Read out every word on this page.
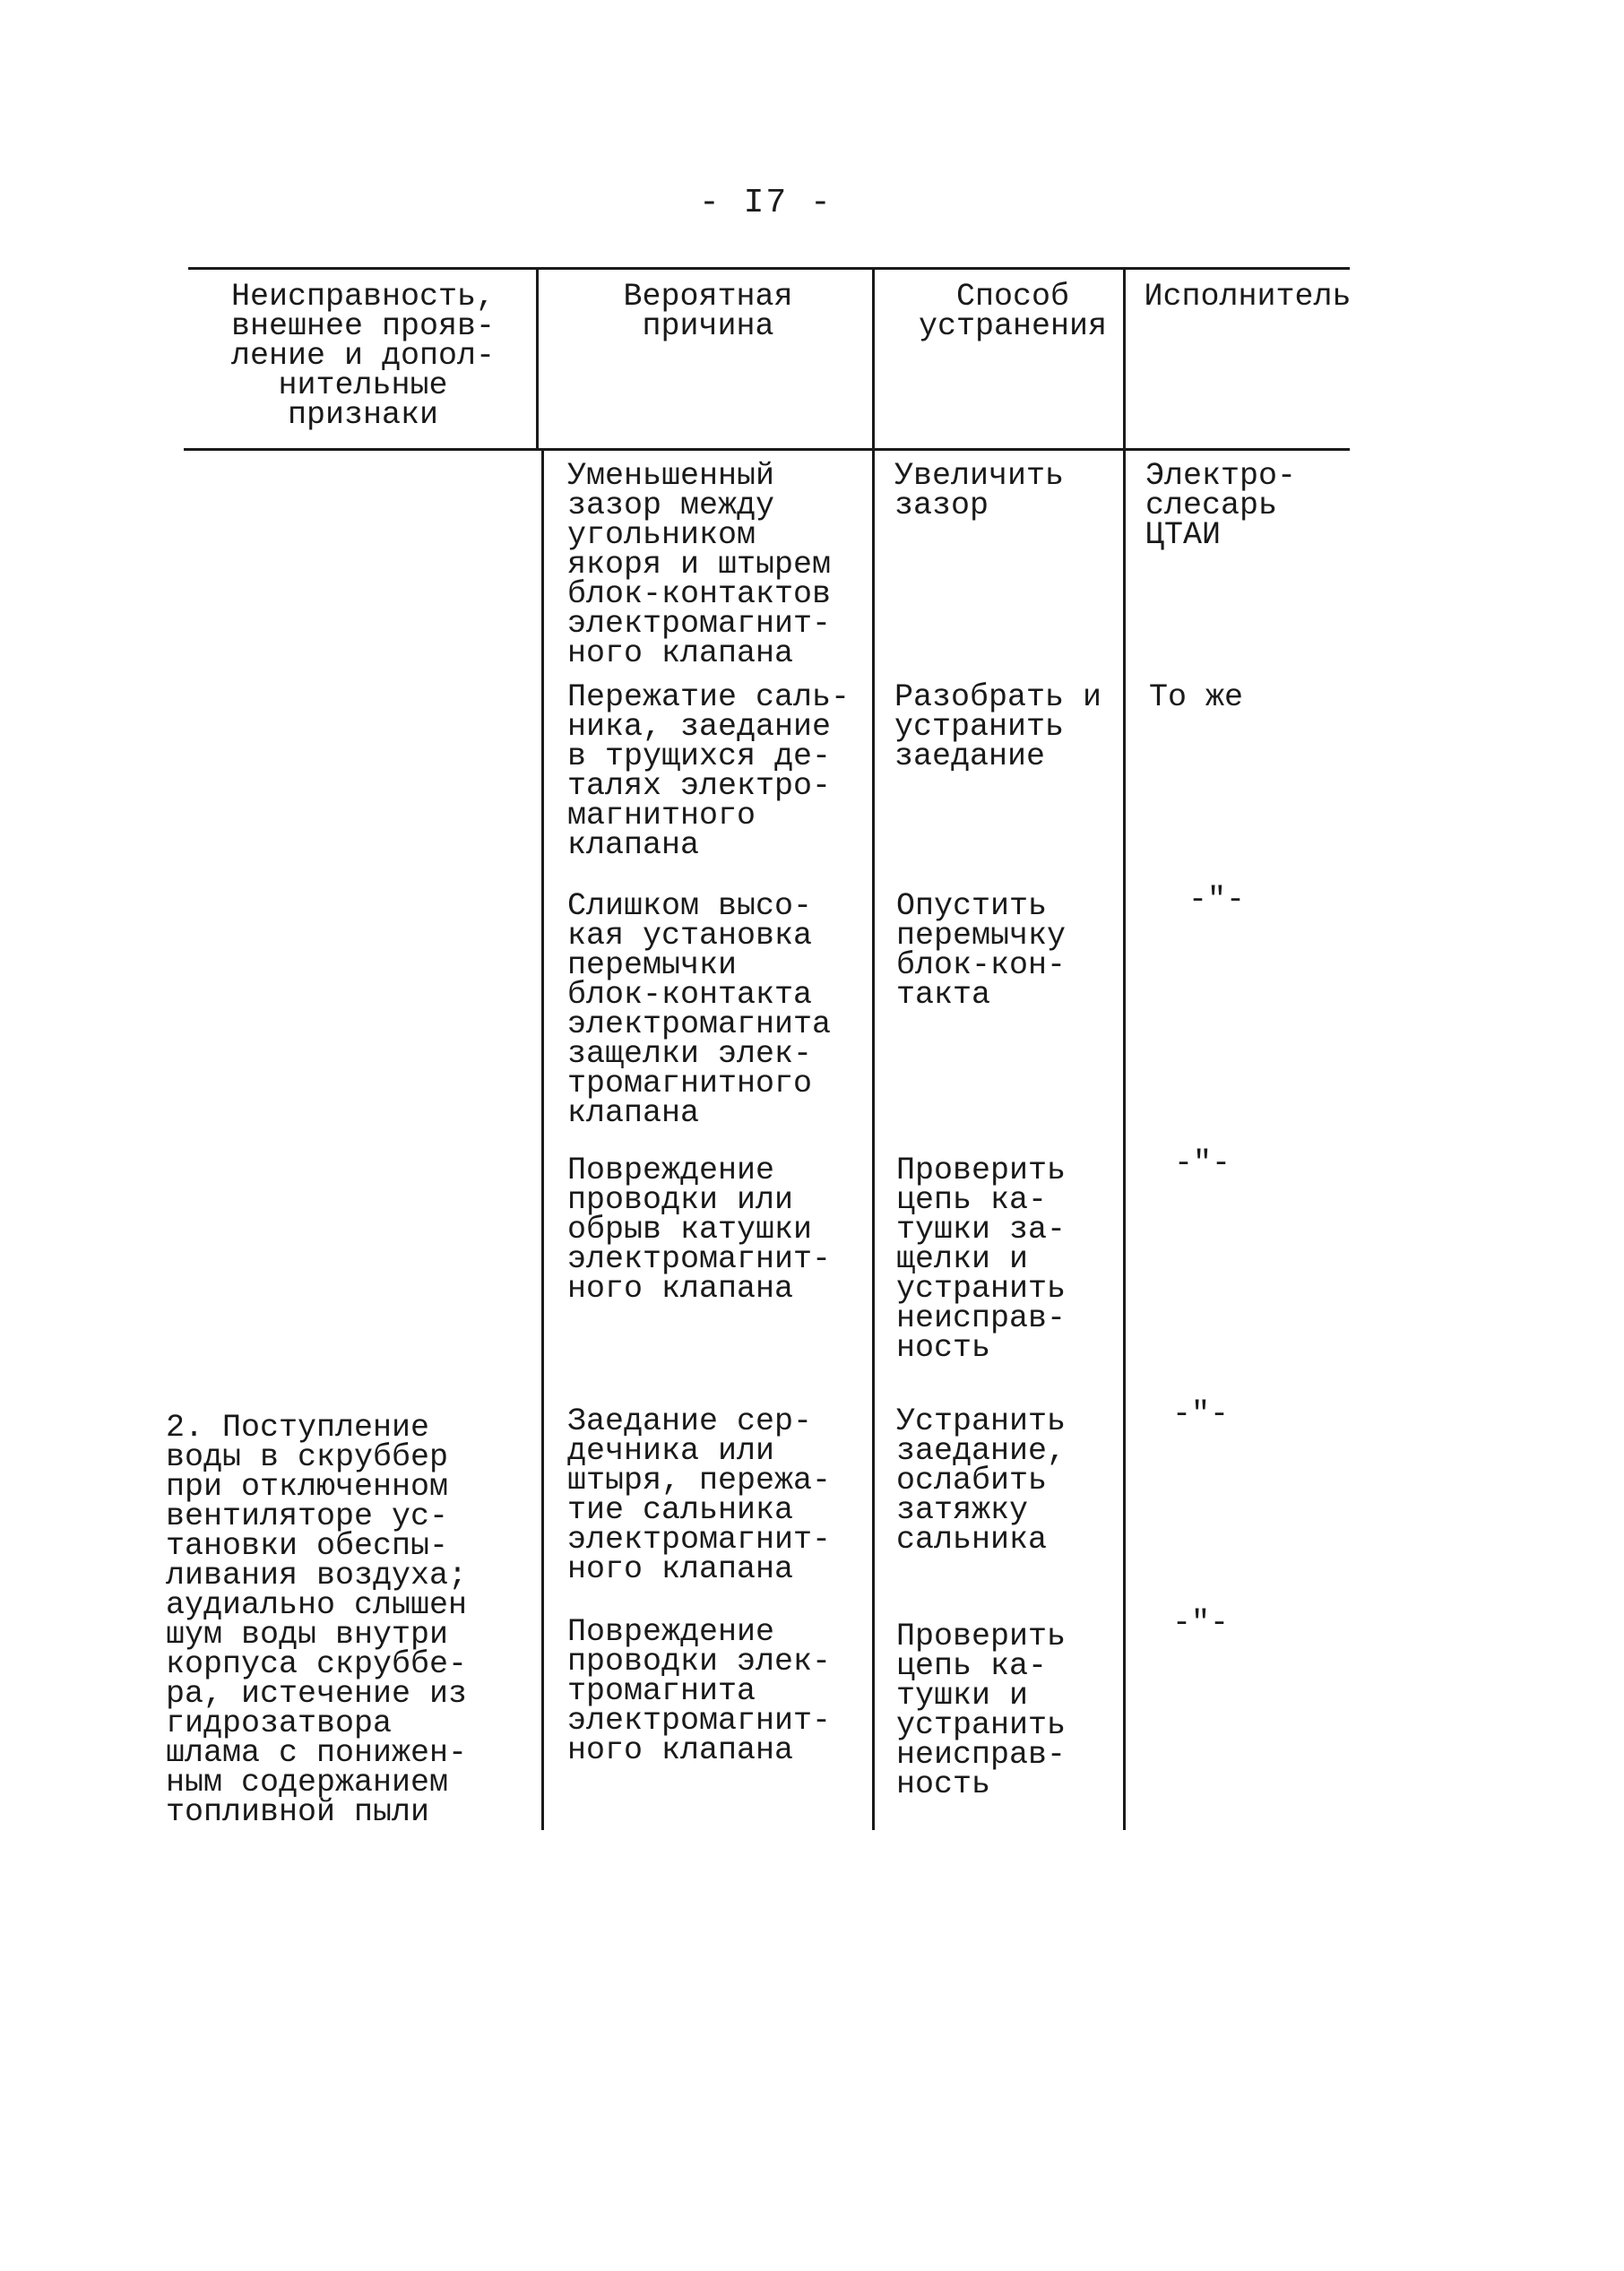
- I7 -
Неисправность,
внешнее прояв-
ление и допол-
нительные
признаки
Вероятная
причина
Способ
устранения
Исполнитель
Уменьшенный
зазор между
угольником
якоря и штырем
блок-контактов
электромагнит-
ного клапана
Увеличить
зазор
Электро-
слесарь
ЦТАИ
Пережатие саль-
ника, заедание
в трущихся де-
талях электро-
магнитного
клапана
Разобрать и
устранить
заедание
То же
Слишком высо-
кая установка
перемычки
блок-контакта
электромагнита
защелки элек-
тромагнитного
клапана
Опустить
перемычку
блок-кон-
такта
-"-
Повреждение
проводки или
обрыв катушки
электромагнит-
ного клапана
Проверить
цепь ка-
тушки за-
щелки и
устранить
неисправ-
ность
-"-
2. Поступление
воды в скруббер
при отключенном
вентиляторе ус-
тановки обеспы-
ливания воздуха;
аудиально слышен
шум воды внутри
корпуса скруббе-
ра, истечение из
гидрозатвора
шлама с понижен-
ным содержанием
топливной пыли
Заедание сер-
дечника или
штыря, пережа-
тие сальника
электромагнит-
ного клапана
Устранить
заедание,
ослабить
затяжку
сальника
-"-
Повреждение
проводки элек-
тромагнита
электромагнит-
ного клапана
Проверить
цепь ка-
тушки и
устранить
неисправ-
ность
-"-
